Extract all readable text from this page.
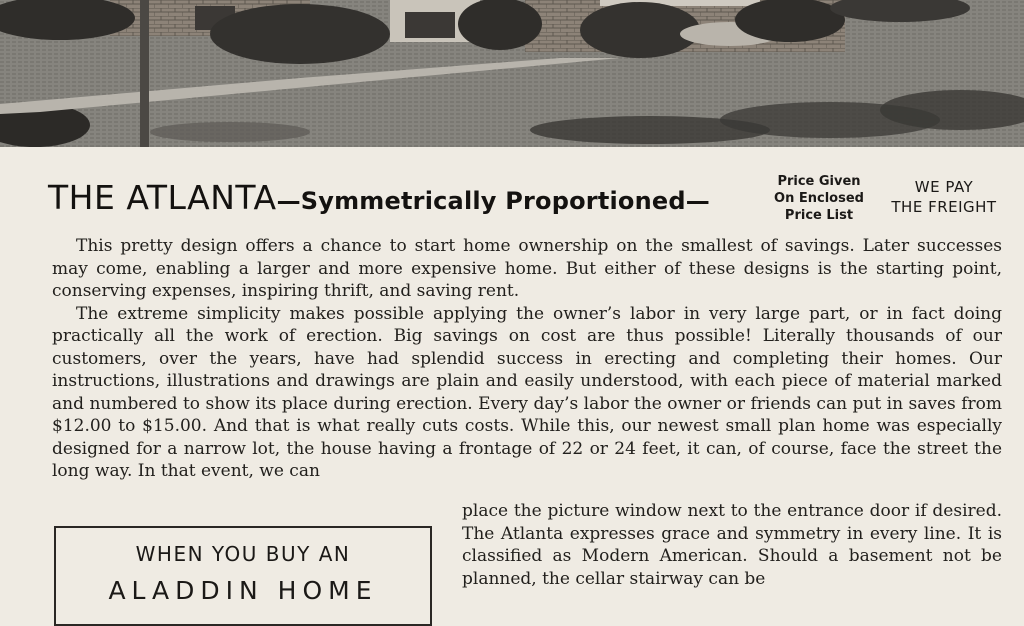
THE ATLANTA—Symmetrically Proportioned—
Price Given
On Enclosed
Price List
WE PAY
THE FREIGHT

This pretty design offers a chance to start home ownership on the smallest of savings. Later successes may come, enabling a larger and more expensive home. But either of these designs is the starting point, conserving expenses, inspiring thrift, and saving rent.

The extreme simplicity makes possible applying the owner’s labor in very large part, or in fact doing practically all the work of erection. Big savings on cost are thus possible! Literally thousands of our customers, over the years, have had splendid success in erecting and completing their homes. Our instructions, illustrations and drawings are plain and easily understood, with each piece of material marked and numbered to show its place during erection. Every day’s labor the owner or friends can put in saves from $12.00 to $15.00. And that is what really cuts costs. While this, our newest small plan home was especially designed for a narrow lot, the house having a frontage of 22 or 24 feet, it can, of course, face the street the long way. In that event, we can

place the picture window next to the entrance door if desired. The Atlanta expresses grace and symmetry in every line. It is classified as Modern American. Should a basement not be planned, the cellar stairway can be

WHEN YOU BUY AN
ALADDIN HOME
